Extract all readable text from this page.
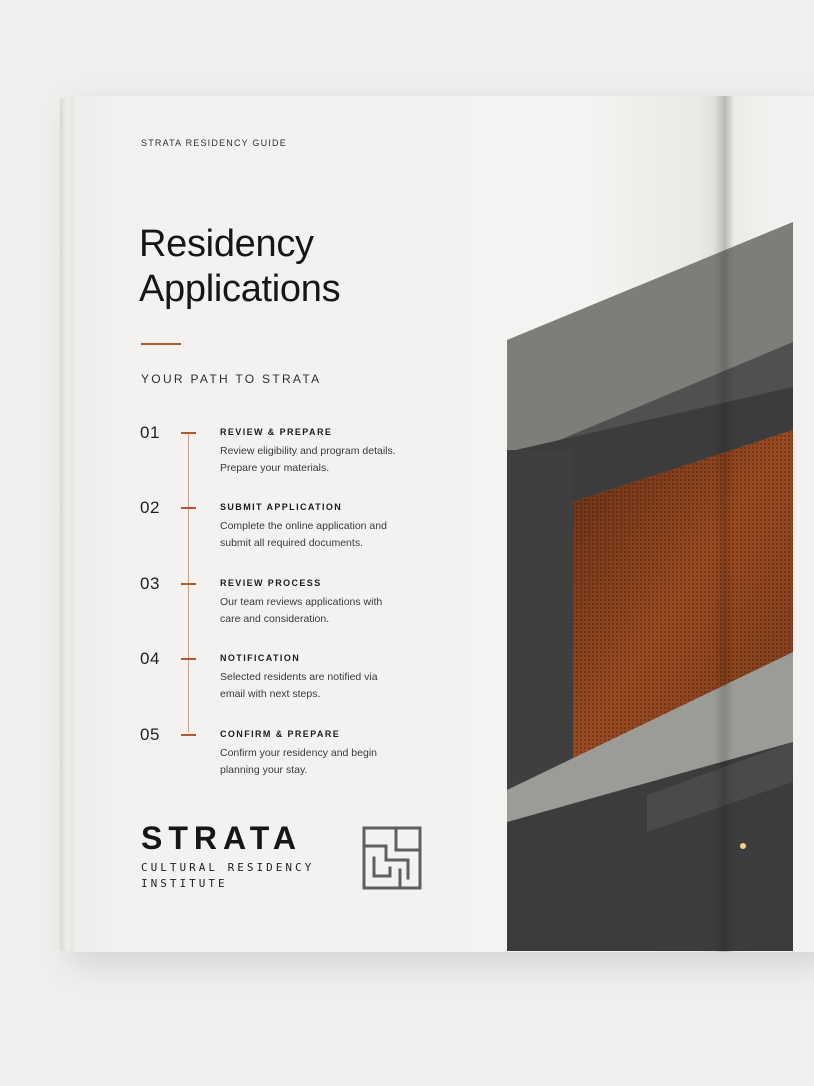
STRATA RESIDENCY GUIDE
Residency
Applications
YOUR PATH TO STRATA
01	REVIEW & PREPARE
Review eligibility and program details.
Prepare your materials.
02	SUBMIT APPLICATION
Complete the online application and
submit all required documents.
03	REVIEW PROCESS
Our team reviews applications with
care and consideration.
04	NOTIFICATION
Selected residents are notified via
email with next steps.
05	CONFIRM & PREPARE
Confirm your residency and begin
planning your stay.
STRATA
CULTURAL RESIDENCY
INSTITUTE
